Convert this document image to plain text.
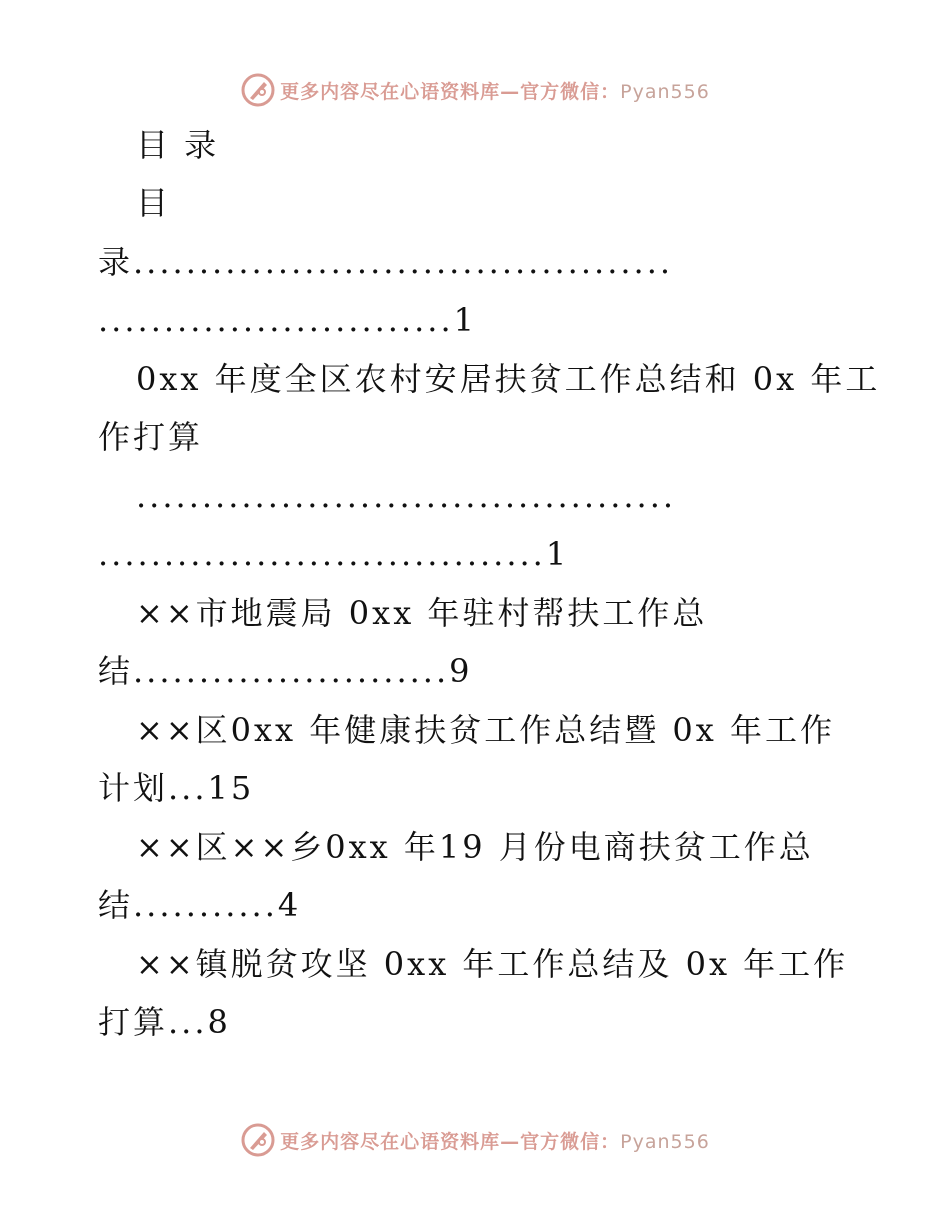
更多内容尽在心语资料库—官方微信：Pyan556
目 录
目
录.........................................
...........................1
0xx 年度全区农村安居扶贫工作总结和 0x 年工
作打算
.........................................
..................................1
××市地震局 0xx 年驻村帮扶工作总
结........................9
××区0xx 年健康扶贫工作总结暨 0x 年工作
计划...15
××区××乡0xx 年19 月份电商扶贫工作总
结...........4
××镇脱贫攻坚 0xx 年工作总结及 0x 年工作
打算...8
更多内容尽在心语资料库—官方微信：Pyan556
